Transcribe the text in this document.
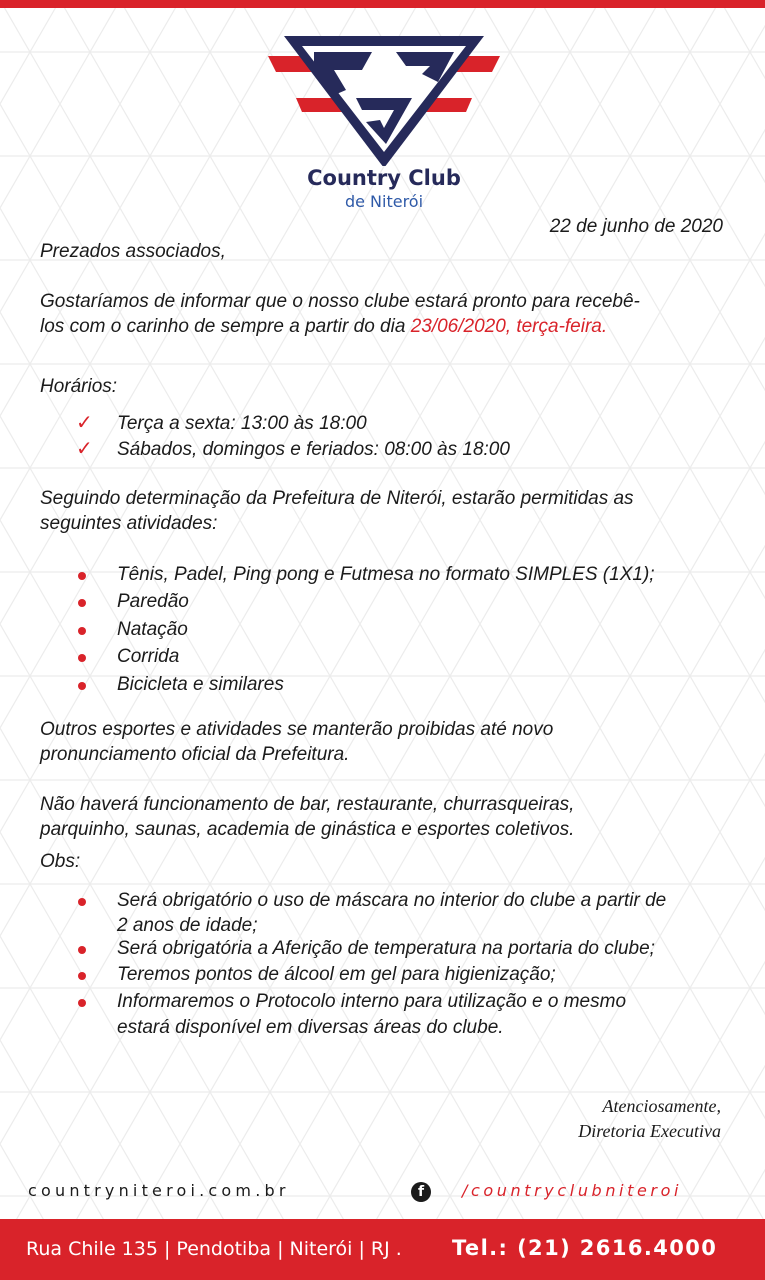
Country Club
de Niterói

22 de junho de 2020

Prezados associados,

Gostaríamos de informar que o nosso clube estará pronto para recebê-

los com o carinho de sempre a partir do dia 23/06/2020, terça-feira.

Horários:

✓ Terça a sexta: 13:00 às 18:00

✓ Sábados, domingos e feriados: 08:00 às 18:00

Seguindo determinação da Prefeitura de Niterói, estarão permitidas as

seguintes atividades:

Tênis, Padel, Ping pong e Futmesa no formato SIMPLES (1X1);

Paredão

Natação

Corrida

Bicicleta e similares

Outros esportes e atividades se manterão proibidas até novo

pronunciamento oficial da Prefeitura.

Não haverá funcionamento de bar, restaurante, churrasqueiras,

parquinho, saunas, academia de ginástica e esportes coletivos.

Obs:

Será obrigatório o uso de máscara no interior do clube a partir de

2 anos de idade;

Será obrigatória a Aferição de temperatura na portaria do clube;

Teremos pontos de álcool em gel para higienização;

Informaremos o Protocolo interno para utilização e o mesmo

estará disponível em diversas áreas do clube.

Atenciosamente,
Diretoria Executiva
countryniteroi.com.br	f	/countryclubniteroi
Rua Chile 135 | Pendotiba | Niterói | RJ . Tel.: (21) 2616.4000
